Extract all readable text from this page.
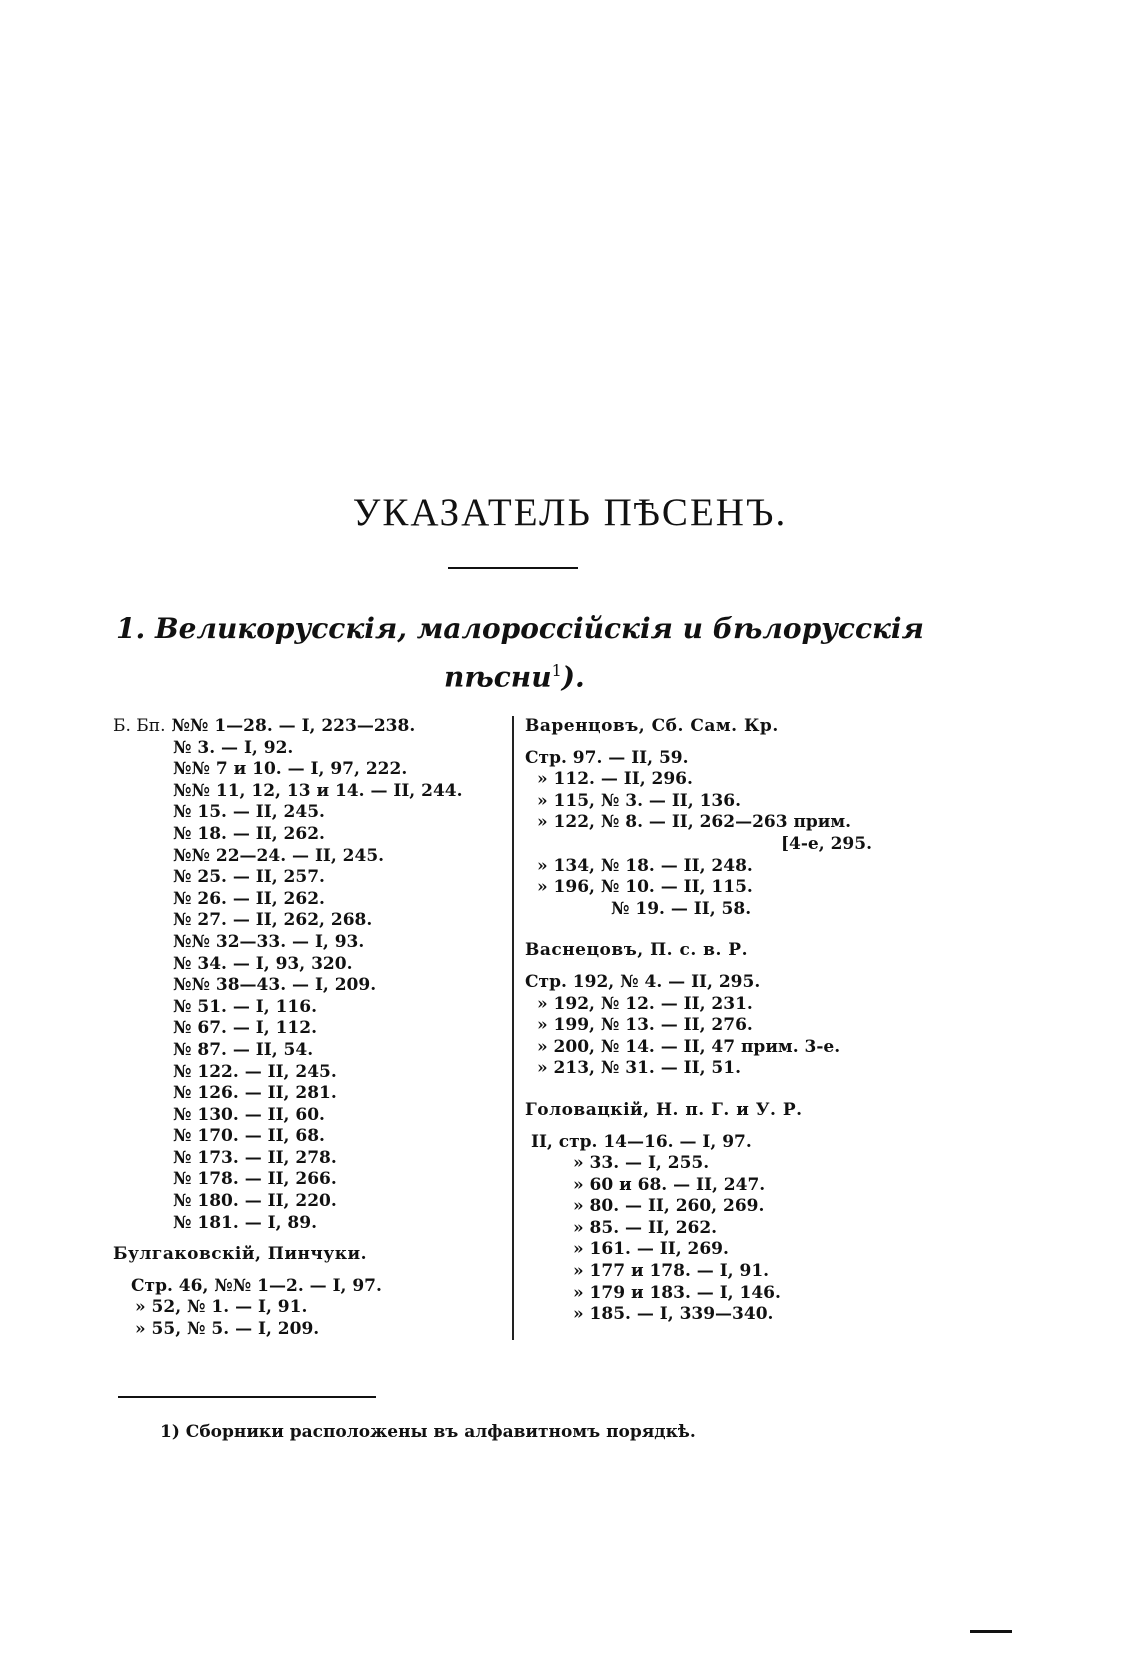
УКАЗАТЕЛЬ ПѢСЕНЪ.
1. Великорусскія, малороссійскія и бѣлорусскія
пѣсни$^1$).
Б. Бп. №№ 1—28. — I, 223—238.
№ 3. — I, 92.
№№ 7 и 10. — I, 97, 222.
№№ 11, 12, 13 и 14. — II, 244.
№ 15. — II, 245.
№ 18. — II, 262.
№№ 22—24. — II, 245.
№ 25. — II, 257.
№ 26. — II, 262.
№ 27. — II, 262, 268.
№№ 32—33. — I, 93.
№ 34. — I, 93, 320.
№№ 38—43. — I, 209.
№ 51. — I, 116.
№ 67. — I, 112.
№ 87. — II, 54.
№ 122. — II, 245.
№ 126. — II, 281.
№ 130. — II, 60.
№ 170. — II, 68.
№ 173. — II, 278.
№ 178. — II, 266.
№ 180. — II, 220.
№ 181. — I, 89.
Булгаковскій, Пинчуки.
Стр. 46, №№ 1—2. — I, 97.
» 52, № 1. — I, 91.
» 55, № 5. — I, 209.
Варенцовъ, Сб. Сам. Кр.
Стр. 97. — II, 59.
» 112. — II, 296.
» 115, № 3. — II, 136.
» 122, № 8. — II, 262—263 прим.
[4-е, 295.
» 134, № 18. — II, 248.
» 196, № 10. — II, 115.
№ 19. — II, 58.
Васнецовъ, П. с. в. Р.
Стр. 192, № 4. — II, 295.
» 192, № 12. — II, 231.
» 199, № 13. — II, 276.
» 200, № 14. — II, 47 прим. 3-е.
» 213, № 31. — II, 51.
Головацкій, Н. п. Г. и У. Р.
II, стр. 14—16. — I, 97.
» 33. — I, 255.
» 60 и 68. — II, 247.
» 80. — II, 260, 269.
» 85. — II, 262.
» 161. — II, 269.
» 177 и 178. — I, 91.
» 179 и 183. — I, 146.
» 185. — I, 339—340.
1) Сборники расположены въ алфавитномъ порядкѣ.
